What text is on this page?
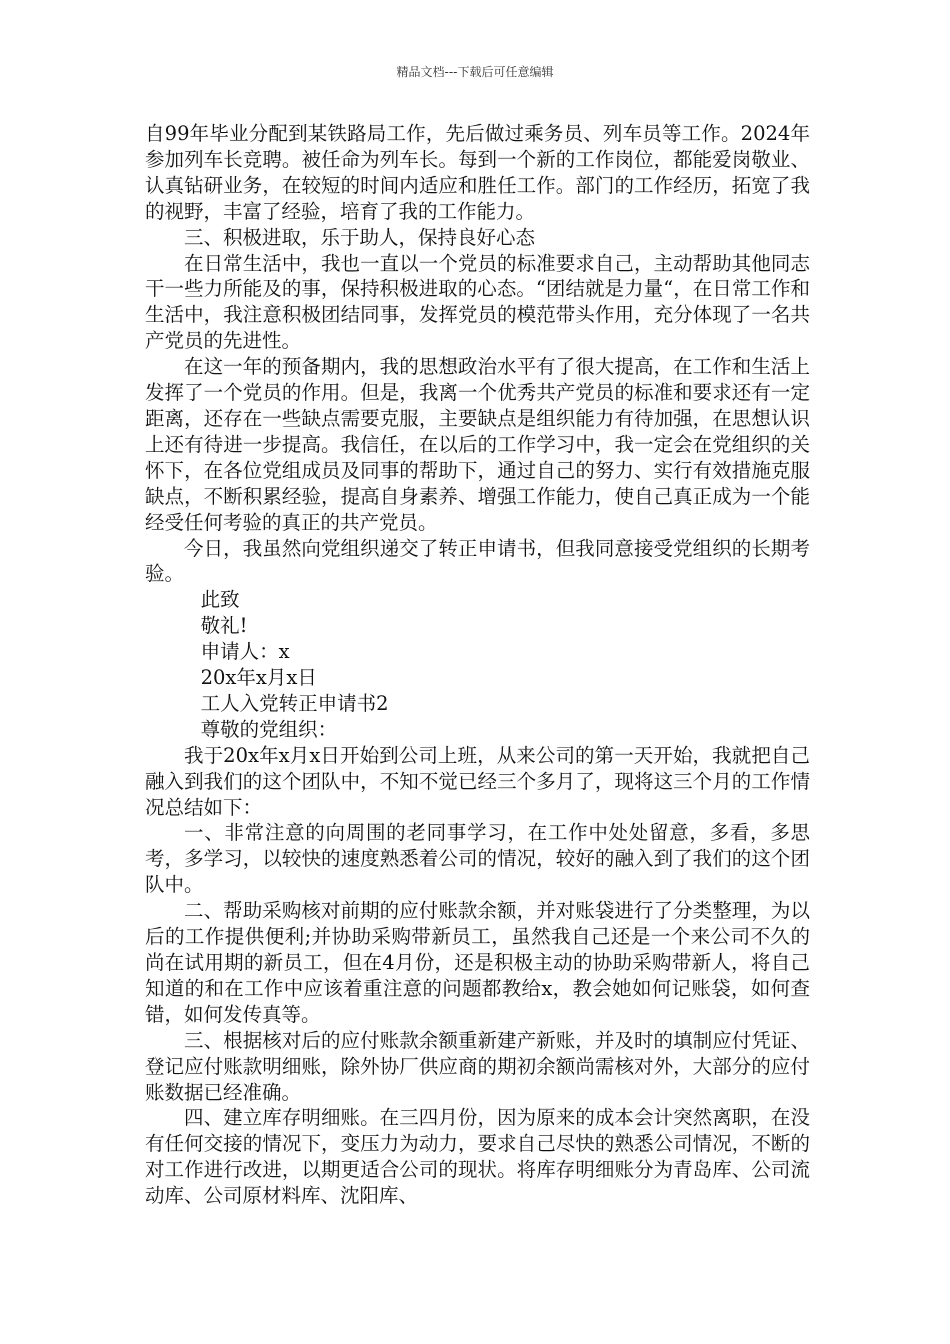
精品文档---下载后可任意编辑

自99年毕业分配到某铁路局工作，先后做过乘务员、列车员等工作。2024年参加列车长竞聘。被任命为列车长。每到一个新的工作岗位，都能爱岗敬业、认真钻研业务，在较短的时间内适应和胜任工作。部门的工作经历，拓宽了我的视野，丰富了经验，培育了我的工作能力。

三、积极进取，乐于助人，保持良好心态

在日常生活中，我也一直以一个党员的标准要求自己，主动帮助其他同志干一些力所能及的事，保持积极进取的心态。“团结就是力量“，在日常工作和生活中，我注意积极团结同事，发挥党员的模范带头作用，充分体现了一名共产党员的先进性。

在这一年的预备期内，我的思想政治水平有了很大提高，在工作和生活上发挥了一个党员的作用。但是，我离一个优秀共产党员的标准和要求还有一定距离，还存在一些缺点需要克服，主要缺点是组织能力有待加强，在思想认识上还有待进一步提高。我信任，在以后的工作学习中，我一定会在党组织的关怀下，在各位党组成员及同事的帮助下，通过自己的努力、实行有效措施克服缺点，不断积累经验，提高自身素养、增强工作能力，使自己真正成为一个能经受任何考验的真正的共产党员。

今日，我虽然向党组织递交了转正申请书，但我同意接受党组织的长期考验。

此致

敬礼!

申请人：x

20x年x月x日

工人入党转正申请书2

尊敬的党组织：

我于20x年x月x日开始到公司上班，从来公司的第一天开始，我就把自己融入到我们的这个团队中，不知不觉已经三个多月了，现将这三个月的工作情况总结如下：

一、非常注意的向周围的老同事学习，在工作中处处留意，多看，多思考，多学习，以较快的速度熟悉着公司的情况，较好的融入到了我们的这个团队中。

二、帮助采购核对前期的应付账款余额，并对账袋进行了分类整理，为以后的工作提供便利;并协助采购带新员工，虽然我自己还是一个来公司不久的尚在试用期的新员工，但在4月份，还是积极主动的协助采购带新人，将自己知道的和在工作中应该着重注意的问题都教给x，教会她如何记账袋，如何查错，如何发传真等。

三、根据核对后的应付账款余额重新建产新账，并及时的填制应付凭证、登记应付账款明细账，除外协厂供应商的期初余额尚需核对外，大部分的应付账数据已经准确。

四、建立库存明细账。在三四月份，因为原来的成本会计突然离职，在没有任何交接的情况下，变压力为动力，要求自己尽快的熟悉公司情况，不断的对工作进行改进，以期更适合公司的现状。将库存明细账分为青岛库、公司流动库、公司原材料库、沈阳库、
